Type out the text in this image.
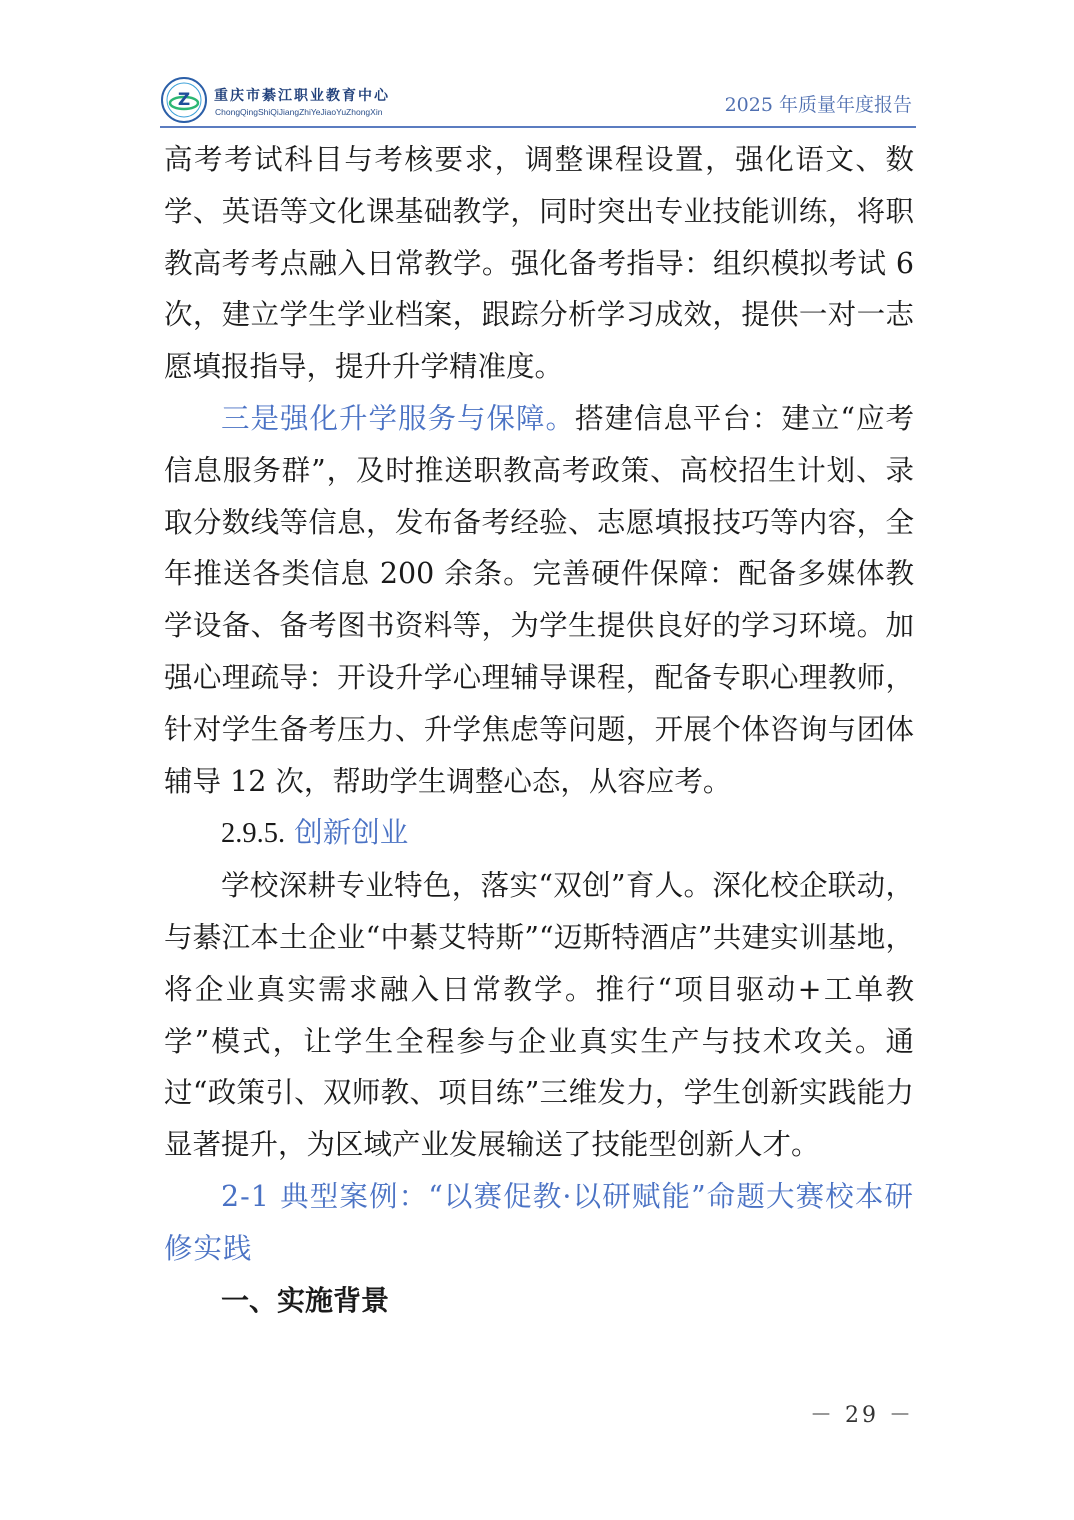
Z 重庆市綦江职业教育中心
ChongQingShiQiJiangZhiYeJiaoYuZhongXin	2025 年质量年度报告

高考考试科目与考核要求，调整课程设置，强化语文、数学、英语等文化课基础教学，同时突出专业技能训练，将职教高考考点融入日常教学。强化备考指导：组织模拟考试 6 次，建立学生学业档案，跟踪分析学习成效，提供一对一志愿填报指导，提升升学精准度。

三是强化升学服务与保障。搭建信息平台：建立“应考信息服务群”，及时推送职教高考政策、高校招生计划、录取分数线等信息，发布备考经验、志愿填报技巧等内容，全年推送各类信息 200 余条。完善硬件保障：配备多媒体教学设备、备考图书资料等，为学生提供良好的学习环境。加强心理疏导：开设升学心理辅导课程，配备专职心理教师，针对学生备考压力、升学焦虑等问题，开展个体咨询与团体辅导 12 次，帮助学生调整心态，从容应考。

2.9.5. 创新创业

学校深耕专业特色，落实“双创”育人。深化校企联动，与綦江本土企业“中綦艾特斯”“迈斯特酒店”共建实训基地，将企业真实需求融入日常教学。推行“项目驱动+工单教学”模式，让学生全程参与企业真实生产与技术攻关。通过“政策引、双师教、项目练”三维发力，学生创新实践能力显著提升，为区域产业发展输送了技能型创新人才。

2-1 典型案例：“以赛促教·以研赋能”命题大赛校本研修实践

一、实施背景

－ 29 －
